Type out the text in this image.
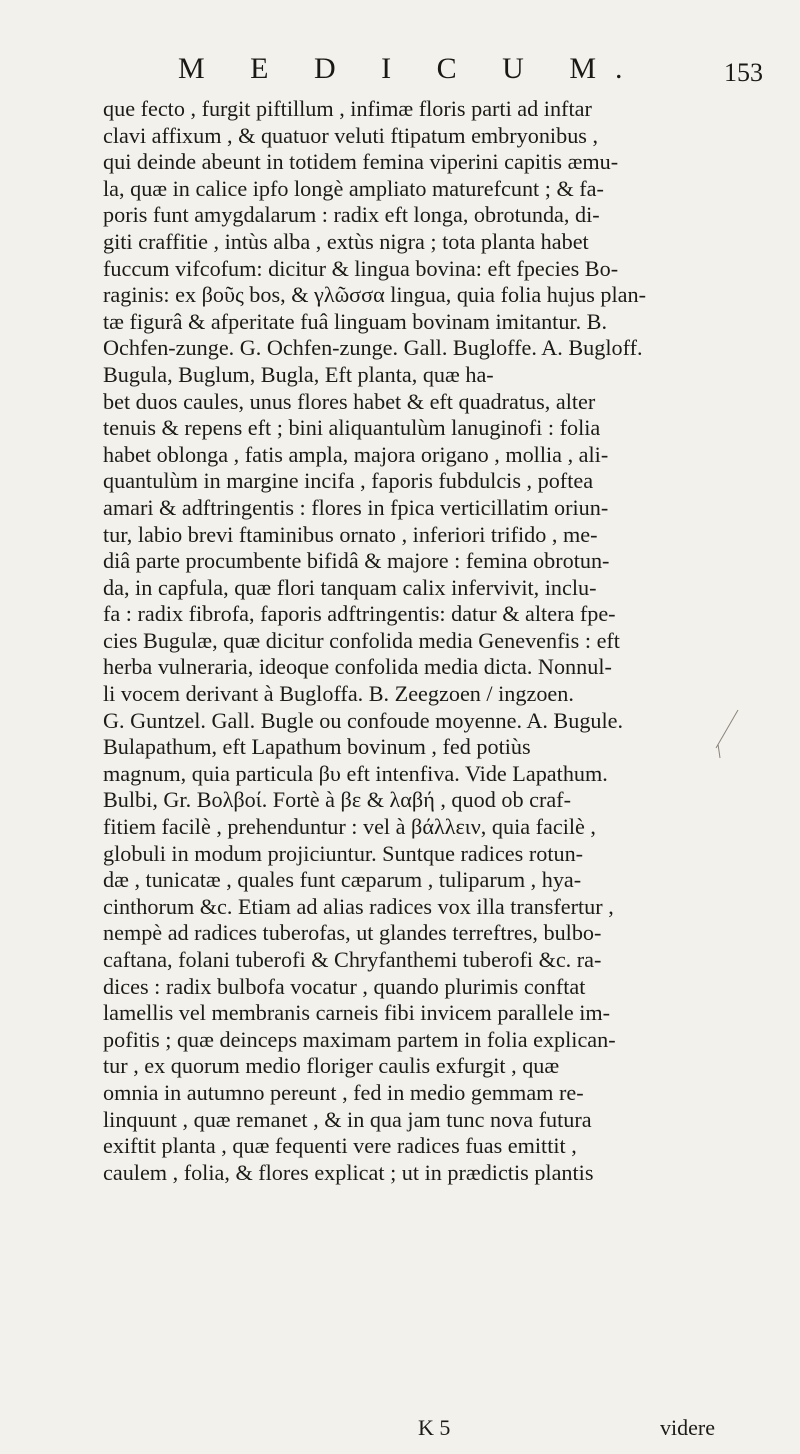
M E D I C U M.	153
que fecto , furgit piftillum , infimæ floris parti ad inftar
clavi affixum , & quatuor veluti ftipatum embryonibus ,
qui deinde abeunt in totidem femina viperini capitis æmu-
la, quæ in calice ipfo longè ampliato maturefcunt ; & fa-
poris funt amygdalarum : radix eft longa, obrotunda, di-
giti craffitie , intùs alba , extùs nigra ; tota planta habet
fuccum vifcofum: dicitur & lingua bovina: eft fpecies Bo-
raginis: ex βοῦς bos, & γλῶσσα lingua, quia folia hujus plan-
tæ figurâ & afperitate fuâ linguam bovinam imitantur. B.
Ochfen-zunge. G. Ochfen-zunge. Gall. Bugloffe. A. Bugloff.
Bugula, Buglum, Bugla, Eft planta, quæ ha-
bet duos caules, unus flores habet & eft quadratus, alter
tenuis & repens eft ; bini aliquantulùm lanuginofi : folia
habet oblonga , fatis ampla, majora origano , mollia , ali-
quantulùm in margine incifa , faporis fubdulcis , poftea
amari & adftringentis : flores in fpica verticillatim oriun-
tur, labio brevi ftaminibus ornato , inferiori trifido , me-
diâ parte procumbente bifidâ & majore : femina obrotun-
da, in capfula, quæ flori tanquam calix infervivit, inclu-
fa : radix fibrofa, faporis adftringentis: datur & altera fpe-
cies Bugulæ, quæ dicitur confolida media Genevenfis : eft
herba vulneraria, ideoque confolida media dicta. Nonnul-
li vocem derivant à Bugloffa. B. Zeegzoen / ingzoen.
G. Guntzel. Gall. Bugle ou confoude moyenne. A. Bugule.
Bulapathum, eft Lapathum bovinum , fed potiùs
magnum, quia particula βυ eft intenfiva. Vide Lapathum.
Bulbi, Gr. Βολβοί. Fortè à βε & λαβή , quod ob craf-
fitiem facilè , prehenduntur : vel à βάλλειν, quia facilè ,
globuli in modum projiciuntur. Suntque radices rotun-
dæ , tunicatæ , quales funt cæparum , tuliparum , hya-
cinthorum &c. Etiam ad alias radices vox illa transfertur ,
nempè ad radices tuberofas, ut glandes terreftres, bulbo-
caftana, folani tuberofi & Chryfanthemi tuberofi &c. ra-
dices : radix bulbofa vocatur , quando plurimis conftat
lamellis vel membranis carneis fibi invicem parallele im-
pofitis ; quæ deinceps maximam partem in folia explican-
tur , ex quorum medio floriger caulis exfurgit , quæ
omnia in autumno pereunt , fed in medio gemmam re-
linquunt , quæ remanet , & in qua jam tunc nova futura
exiftit planta , quæ fequenti vere radices fuas emittit ,
caulem , folia, & flores explicat ; ut in prædictis plantis
K 5	videre
